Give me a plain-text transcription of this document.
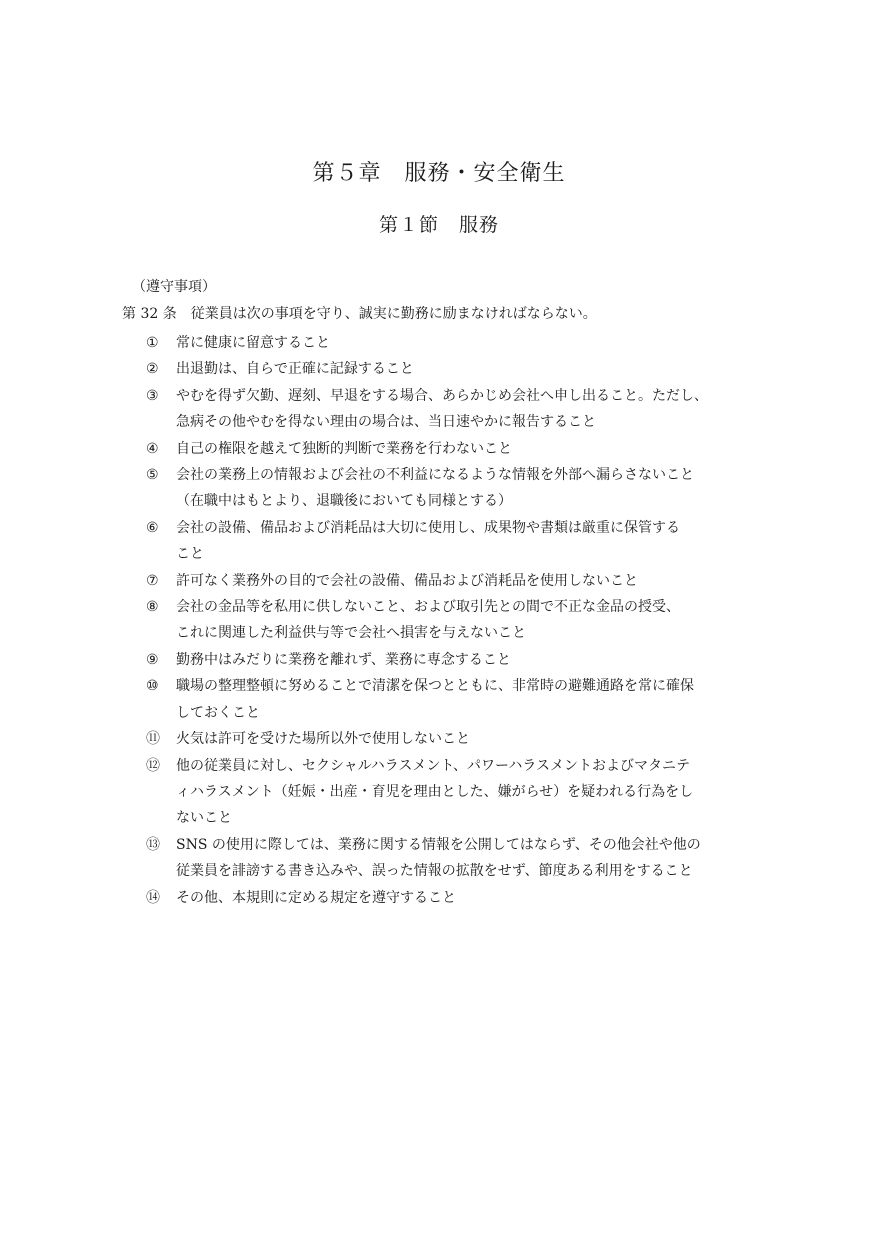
第５章　服務・安全衛生
第１節　服務
（遵守事項）
第 32 条 従業員は次の事項を守り、誠実に勤務に励まなければならない。
①	常に健康に留意すること
②	出退勤は、自らで正確に記録すること
③	やむを得ず欠勤、遅刻、早退をする場合、あらかじめ会社へ申し出ること。ただし、
急病その他やむを得ない理由の場合は、当日速やかに報告すること
④	自己の権限を越えて独断的判断で業務を行わないこと
⑤	会社の業務上の情報および会社の不利益になるような情報を外部へ漏らさないこと
（在職中はもとより、退職後においても同様とする）
⑥	会社の設備、備品および消耗品は大切に使用し、成果物や書類は厳重に保管する
こと
⑦	許可なく業務外の目的で会社の設備、備品および消耗品を使用しないこと
⑧	会社の金品等を私用に供しないこと、および取引先との間で不正な金品の授受、
これに関連した利益供与等で会社へ損害を与えないこと
⑨	勤務中はみだりに業務を離れず、業務に専念すること
⑩	職場の整理整頓に努めることで清潔を保つとともに、非常時の避難通路を常に確保
しておくこと
⑪	火気は許可を受けた場所以外で使用しないこと
⑫	他の従業員に対し、セクシャルハラスメント、パワーハラスメントおよびマタニテ
ィハラスメント（妊娠・出産・育児を理由とした、嫌がらせ）を疑われる行為をし
ないこと
⑬	SNS の使用に際しては、業務に関する情報を公開してはならず、その他会社や他の
従業員を誹謗する書き込みや、誤った情報の拡散をせず、節度ある利用をすること
⑭	その他、本規則に定める規定を遵守すること
